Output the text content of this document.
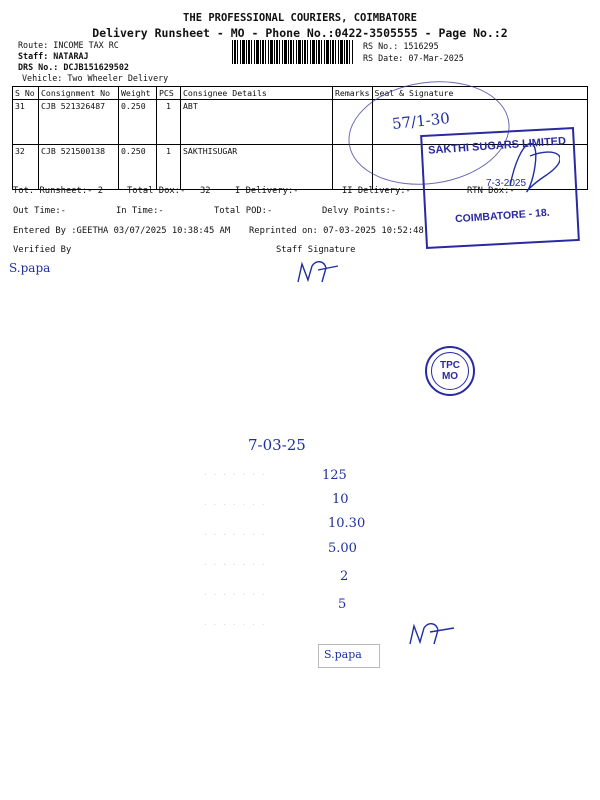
THE PROFESSIONAL COURIERS, COIMBATORE
Delivery Runsheet - MO - Phone No.:0422-3505555 - Page No.:2
Route: INCOME TAX RC
Staff: NATARAJ
DRS No.: DCJB151629502
Vehicle: Two Wheeler Delivery
RS No.: 1516295
RS Date: 07-Mar-2025
S No	Consignment No	Weight	PCS	Consignee Details	Remarks	Seal & Signature
31	CJB 521326487	0.250	1	ABT		
32	CJB 521500138	0.250	1	SAKTHISUGAR		
57/1-30
SAKTHI SUGARS LIMITED
7-3-2025
COIMBATORE - 18.
Tot. Runsheet:- 2	Total Dox:- 32	I Delivery:-	II Delivery:-	RTN Dox:-
Out Time:-	In Time:-	Total POD:-	Delvy Points:-
Entered By :GEETHA 03/07/2025 10:38:45 AM Reprinted on: 07-03-2025 10:52:48
Verified By	Staff Signature
S.papa
TPC
MO
· · · · · · ·
· · · · · · ·
· · · · · · ·
· · · · · · ·
· · · · · · ·
· · · · · · ·
7-03-25
125
10
10.30
5.00
2
5
S.papa
